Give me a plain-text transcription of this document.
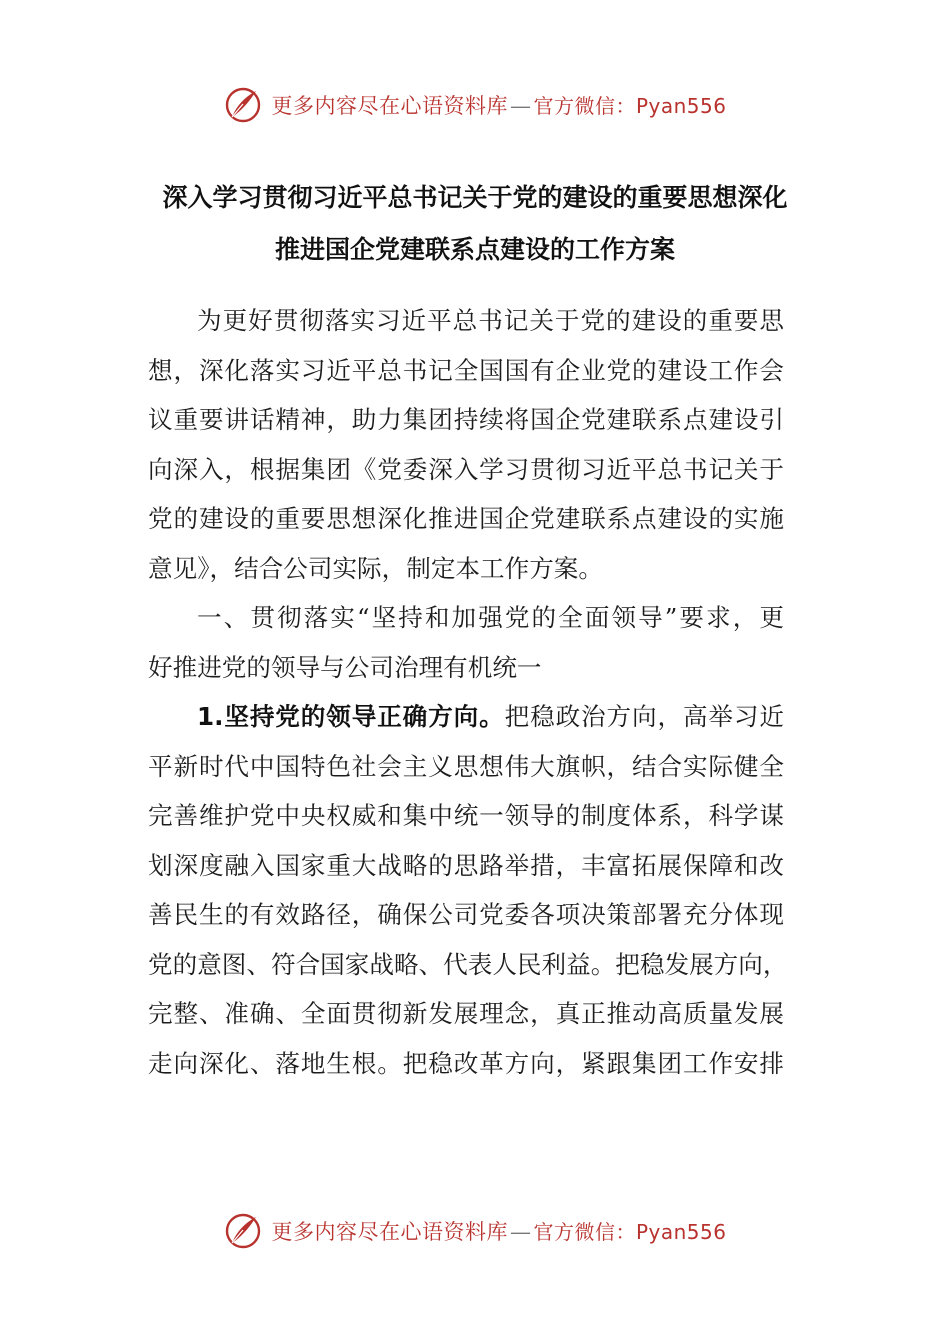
更多内容尽在心语资料库— 官方微信：Pyan556
深入学习贯彻习近平总书记关于党的建设的重要思想深化
推进国企党建联系点建设的工作方案
为更好贯彻落实习近平总书记关于党的建设的重要思
想，深化落实习近平总书记全国国有企业党的建设工作会
议重要讲话精神，助力集团持续将国企党建联系点建设引
向深入，根据集团《党委深入学习贯彻习近平总书记关于
党的建设的重要思想深化推进国企党建联系点建设的实施
意见》，结合公司实际，制定本工作方案。
一、贯彻落实“坚持和加强党的全面领导”要求，更
好推进党的领导与公司治理有机统一
1.坚持党的领导正确方向。把稳政治方向，高举习近
平新时代中国特色社会主义思想伟大旗帜，结合实际健全
完善维护党中央权威和集中统一领导的制度体系，科学谋
划深度融入国家重大战略的思路举措，丰富拓展保障和改
善民生的有效路径，确保公司党委各项决策部署充分体现
党的意图、符合国家战略、代表人民利益。把稳发展方向，
完整、准确、全面贯彻新发展理念，真正推动高质量发展
走向深化、落地生根。把稳改革方向，紧跟集团工作安排
更多内容尽在心语资料库— 官方微信：Pyan556
